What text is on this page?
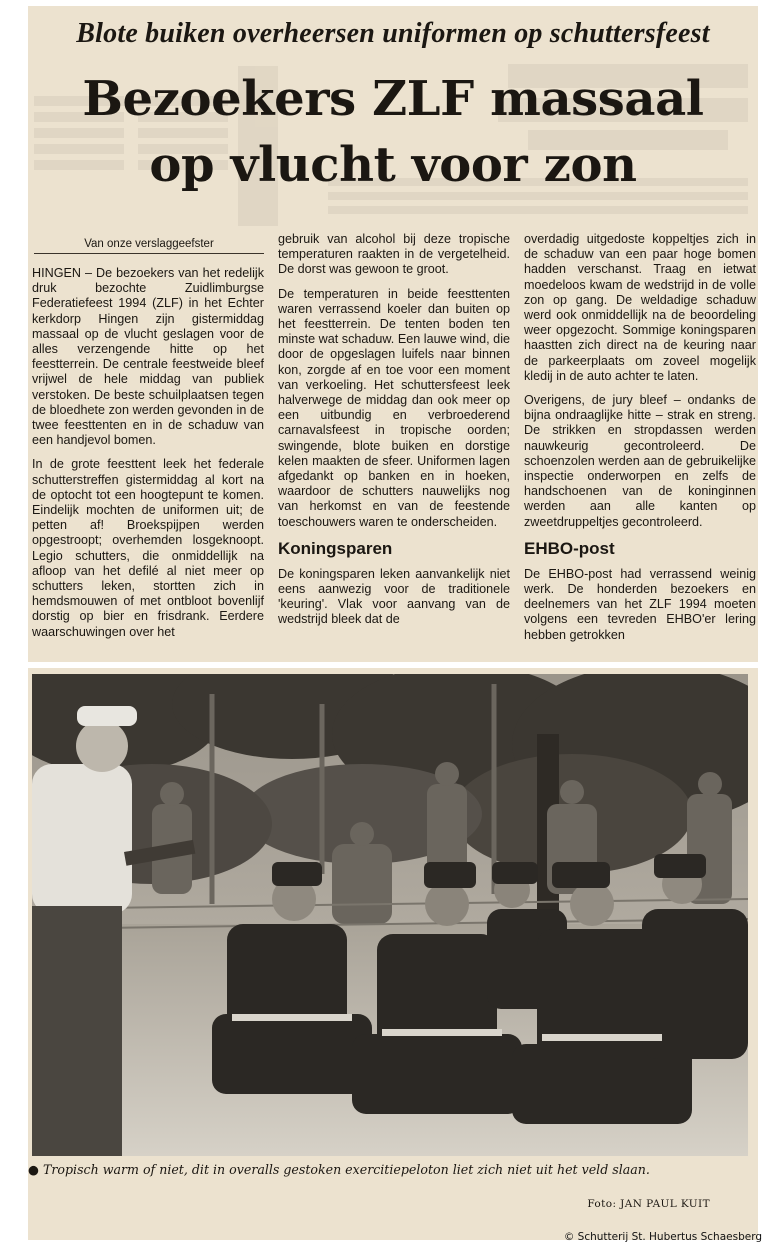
Blote buiken overheersen uniformen op schuttersfeest
Bezoekers ZLF massaal
op vlucht voor zon
Van onze verslaggeefster

HINGEN – De bezoekers van het redelijk druk bezochte Zuidlimburgse Federatiefeest 1994 (ZLF) in het Echter kerkdorp Hingen zijn gistermiddag massaal op de vlucht geslagen voor de alles verzengende hitte op het feestterrein. De centrale feestweide bleef vrijwel de hele middag van publiek verstoken. De beste schuilplaatsen tegen de bloedhete zon werden gevonden in de twee feesttenten en in de schaduw van een handjevol bomen.

In de grote feesttent leek het federale schutterstreffen gistermiddag al kort na de optocht tot een hoogtepunt te komen. Eindelijk mochten de uniformen uit; de petten af! Broekspijpen werden opgestroopt; overhemden losgeknoopt. Legio schutters, die onmiddellijk na afloop van het defilé al niet meer op schutters leken, stortten zich in hemdsmouwen of met ontbloot bovenlijf dorstig op bier en frisdrank. Eerdere waarschuwingen over het

gebruik van alcohol bij deze tropische temperaturen raakten in de vergetelheid. De dorst was gewoon te groot.

De temperaturen in beide feesttenten waren verrassend koeler dan buiten op het feestterrein. De tenten boden ten minste wat schaduw. Een lauwe wind, die door de opgeslagen luifels naar binnen kon, zorgde af en toe voor een moment van verkoeling. Het schuttersfeest leek halverwege de middag dan ook meer op een uitbundig en verbroederend carnavalsfeest in tropische oorden; swingende, blote buiken en dorstige kelen maakten de sfeer. Uniformen lagen afgedankt op banken en in hoeken, waardoor de schutters nauwelijks nog van herkomst en van de feestende toeschouwers waren te onderscheiden.

Koningsparen

De koningsparen leken aanvankelijk niet eens aanwezig voor de traditionele 'keuring'. Vlak voor aanvang van de wedstrijd bleek dat de

overdadig uitgedoste koppeltjes zich in de schaduw van een paar hoge bomen hadden verschanst. Traag en ietwat moedeloos kwam de wedstrijd in de volle zon op gang. De weldadige schaduw werd ook onmiddellijk na de beoordeling weer opgezocht. Sommige koningsparen haastten zich direct na de keuring naar de parkeerplaats om zoveel mogelijk kledij in de auto achter te laten.

Overigens, de jury bleef – ondanks de bijna ondraaglijke hitte – strak en streng. De strikken en stropdassen werden nauwkeurig gecontroleerd. De schoenzolen werden aan de gebruikelijke inspectie onderworpen en zelfs de handschoenen van de koninginnen werden aan alle kanten op zweetdruppeltjes gecontroleerd.

EHBO-post

De EHBO-post had verrassend weinig werk. De honderden bezoekers en deelnemers van het ZLF 1994 moeten volgens een tevreden EHBO'er lering hebben getrokken

● Tropisch warm of niet, dit in overalls gestoken exercitiepeloton liet zich niet uit het veld slaan.
Foto: JAN PAUL KUIT
© Schutterij St. Hubertus Schaesberg
